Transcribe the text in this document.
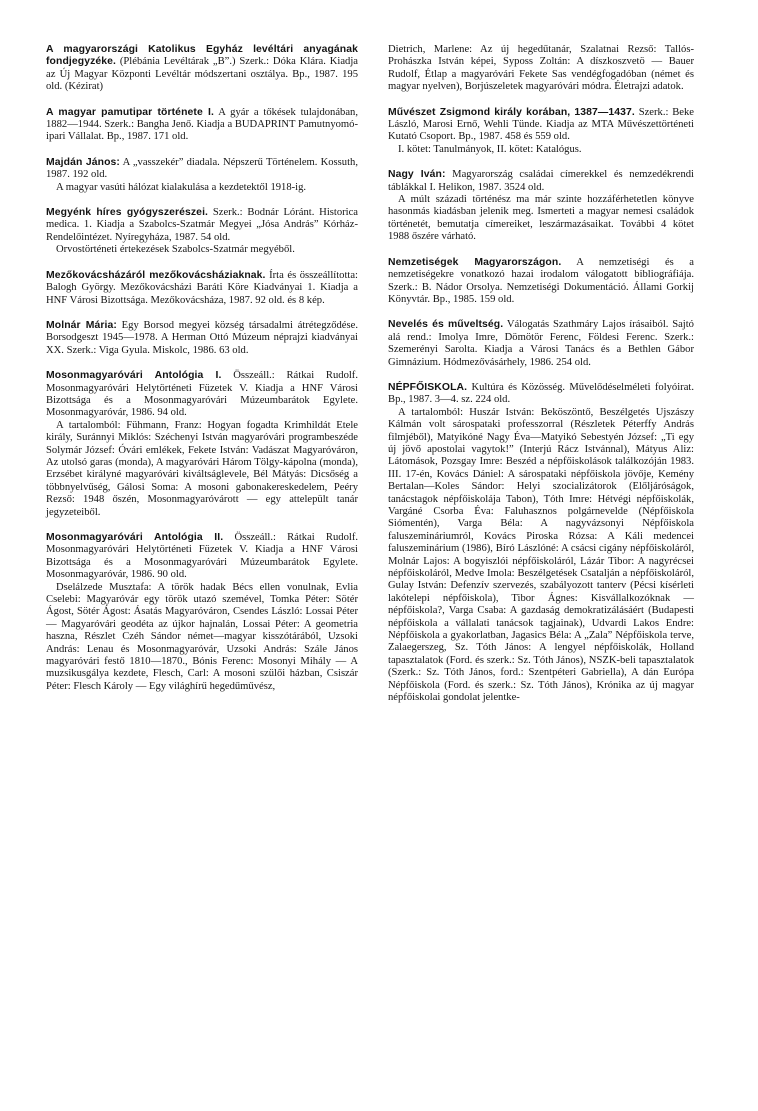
A magyarországi Katolikus Egyház levéltári anyagának fondjegyzéke. (Plébánia Levéltárak „B”.) Szerk.: Dóka Klára. Kiadja az Új Magyar Központi Levéltár módszertani osztálya. Bp., 1987. 195 old. (Kézirat)

A magyar pamutipar története I. A gyár a tőkések tulajdonában, 1882—1944. Szerk.: Bangha Jenő. Kiadja a BUDAPRINT Pamutnyomó-ipari Vállalat. Bp., 1987. 171 old.

Majdán János: A „vasszekér” diadala. Népszerű Történelem. Kossuth, 1987. 192 old.

A magyar vasúti hálózat kialakulása a kezdetektől 1918-ig.

Megyénk híres gyógyszerészei. Szerk.: Bodnár Lóránt. Historica medica. 1. Kiadja a Szabolcs-Szatmár Megyei „Jósa András” Kórház-Rendelőintézet. Nyíregyháza, 1987. 54 old.

Orvostörténeti értekezések Szabolcs-Szatmár megyéből.

Mezőkovácsházáról mezőkovácsháziaknak. Írta és összeállította: Balogh György. Mezőkovácsházi Baráti Köre Kiadványai 1. Kiadja a HNF Városi Bizottsága. Mezőkovácsháza, 1987. 92 old. és 8 kép.

Molnár Mária: Egy Borsod megyei község társadalmi átrétegződése. Borsodgeszt 1945—1978. A Herman Ottó Múzeum néprajzi kiadványai XX. Szerk.: Viga Gyula. Miskolc, 1986. 63 old.

Mosonmagyaróvári Antológia I. Összeáll.: Rátkai Rudolf. Mosonmagyaróvári Helytörténeti Füzetek V. Kiadja a HNF Városi Bizottsága és a Mosonmagyaróvári Múzeumbarátok Egylete. Mosonmagyaróvár, 1986. 94 old.

A tartalomból: Fühmann, Franz: Hogyan fogadta Krimhildát Etele király, Suránnyi Miklós: Széchenyi István magyaróvári programbeszéde Solymár József: Óvári emlékek, Fekete István: Vadászat Magyaróváron, Az utolsó garas (monda), A magyaróvári Három Tölgy-kápolna (monda), Erzsébet királyné magyaróvári kiváltságlevele, Bél Mátyás: Dicsőség a többnyelvűség, Gálosi Soma: A mosoni gabonakereskedelem, Peéry Rezső: 1948 őszén, Mosonmagyaróvárott — egy attelepült tanár jegyzeteiből.

Mosonmagyaróvári Antológia II. Összeáll.: Rátkai Rudolf. Mosonmagyaróvári Helytörténeti Füzetek V. Kiadja a HNF Városi Bizottsága és a Mosonmagyaróvári Múzeumbarátok Egylete. Mosonmagyaróvár, 1986. 90 old.

Dselálzede Musztafa: A török hadak Bécs ellen vonulnak, Evlia Cselebi: Magyaróvár egy török utazó szemével, Tomka Péter: Sötér Ágost, Sötér Ágost: Ásatás Magyaróváron, Csendes László: Lossai Péter — Magyaróvári geodéta az újkor hajnalán, Lossai Péter: A geometria haszna, Részlet Czéh Sándor német—magyar kisszótárából, Uzsoki András: Lenau és Mosonmagyaróvár, Uzsoki András: Szále János magyaróvári festő 1810—1870., Bónis Ferenc: Mosonyi Mihály — A muzsikusgályа kezdete, Flesch, Carl: A mosoni szülői házban, Csiszár Péter: Flesch Károly — Egy világhírű hegedűművész,

Dietrich, Marlene: Az új hegedűtanár, Szalatnai Rezső: Tallós-Prohászka István képei, Syposs Zoltán: A díszkoszvetö — Bauer Rudolf, Étlap a magyaróvári Fekete Sas vendégfogadóban (német és magyar nyelven), Borjúszeletek magyaróvári módra. Életrajzi adatok.

Művészet Zsigmond király korában, 1387—1437. Szerk.: Beke László, Marosi Ernő, Wehli Tünde. Kiadja az MTA Művészettörténeti Kutató Csoport. Bp., 1987. 458 és 559 old.

I. kötet: Tanulmányok, II. kötet: Katalógus.

Nagy Iván: Magyarország családai címerekkel és nemzedékrendi táblákkal I. Helikon, 1987. 3524 old.

A múlt századi történész ma már szinte hozzáférhetetlen könyve hasonmás kiadásban jelenik meg. Ismerteti a magyar nemesi családok történetét, bemutatja címereiket, leszármazásaikat. További 4 kötet 1988 őszére várható.

Nemzetiségek Magyarországon. A nemzetiségi és a nemzetiségekre vonatkozó hazai irodalom válogatott bibliográfiája. Szerk.: B. Nádor Orsolya. Nemzetiségi Dokumentáció. Állami Gorkij Könyvtár. Bp., 1985. 159 old.

Nevelés és műveltség. Válogatás Szathmáry Lajos írásaiból. Sajtó alá rend.: Imolya Imre, Dömötör Ferenc, Földesi Ferenc. Szerk.: Szemerényi Sarolta. Kiadja a Városi Tanács és a Bethlen Gábor Gimnázium. Hódmezővásárhely, 1986. 254 old.

NÉPFŐISKOLA. Kultúra és Közösség. Művelődéselméleti folyóirat. Bp., 1987. 3—4. sz. 224 old.

A tartalomból: Huszár István: Beköszöntő, Beszélgetés Ujszászy Kálmán volt sárospataki professzorral (Részletek Péterffy András filmjéből), Matyikóné Nagy Éva—Matyikó Sebestyén József: „Ti egy új jövő apostolai vagytok!” (Interjú Rácz Istvánnal), Mátyus Aliz: Látomások, Pozsgay Imre: Beszéd a népfőiskolások találkozóján 1983. III. 17-én, Kovács Dániel: A sárospataki népfőiskola jövője, Kemény Bertalan—Koles Sándor: Helyi szocializátorok (Előljáróságok, tanácstagok népfőiskolája Tabon), Tóth Imre: Hétvégi népfőiskolák, Vargáné Csorba Éva: Faluhasznos polgárnevelde (Népfőiskola Siómentén), Varga Béla: A nagyvázsonyi Népfőiskola faluszemináriumról, Kovács Piroska Rózsa: A Káli medencei faluszeminárium (1986), Bíró Lászlóné: A csácsi cigány népfőiskoláról, Molnár Lajos: A bogyiszlói népfőiskoláról, Lázár Tibor: A nagyrécsei népfőiskoláról, Medve Imola: Beszélgetések Csatalján a népfőiskoláról, Gulay István: Defenzív szervezés, szabályozott tanterv (Pécsi kísérleti lakótelepi népfőiskola), Tibor Ágnes: Kisvállalkozóknak — népfőiskola?, Varga Csaba: A gazdaság demokratizálásáért (Budapesti népfőiskola a vállalati tanácsok tagjainak), Udvardi Lakos Endre: Népfőiskola a gyakorlatban, Jagasics Béla: A „Zala” Népfőiskola terve, Zalaegerszeg, Sz. Tóth János: A lengyel népfőiskolák, Holland tapasztalatok (Ford. és szerk.: Sz. Tóth János), NSZK-beli tapasztalatok (Szerk.: Sz. Tóth János, ford.: Szentpéteri Gabriella), A dán Európa Népfőiskola (Ford. és szerk.: Sz. Tóth János), Krónika az új magyar népfőiskolai gondolat jelentke-
